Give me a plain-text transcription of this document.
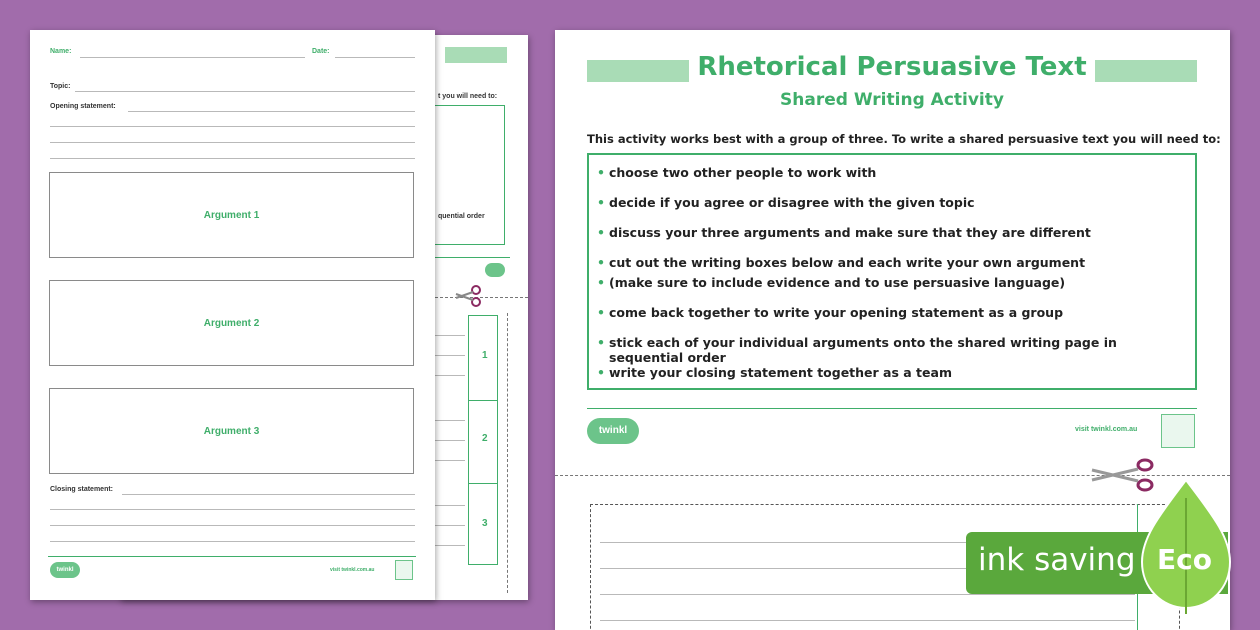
t you will need to:
quential order
1
2
3
Name:	Date:
Topic:
Opening statement:
Argument 1
Argument 2
Argument 3
Closing statement:
twinkl	visit twinkl.com.au
Rhetorical Persuasive Text
Shared Writing Activity
This activity works best with a group of three. To write a shared persuasive text you will need to:
• choose two other people to work with
• decide if you agree or disagree with the given topic
• discuss your three arguments and make sure that they are different
• cut out the writing boxes below and each write your own argument
• (make sure to include evidence and to use persuasive language)
• come back together to write your opening statement as a group
• stick each of your individual arguments onto the shared writing page in sequential order
• write your closing statement together as a team
twinkl	visit twinkl.com.au
ink saving Eco
